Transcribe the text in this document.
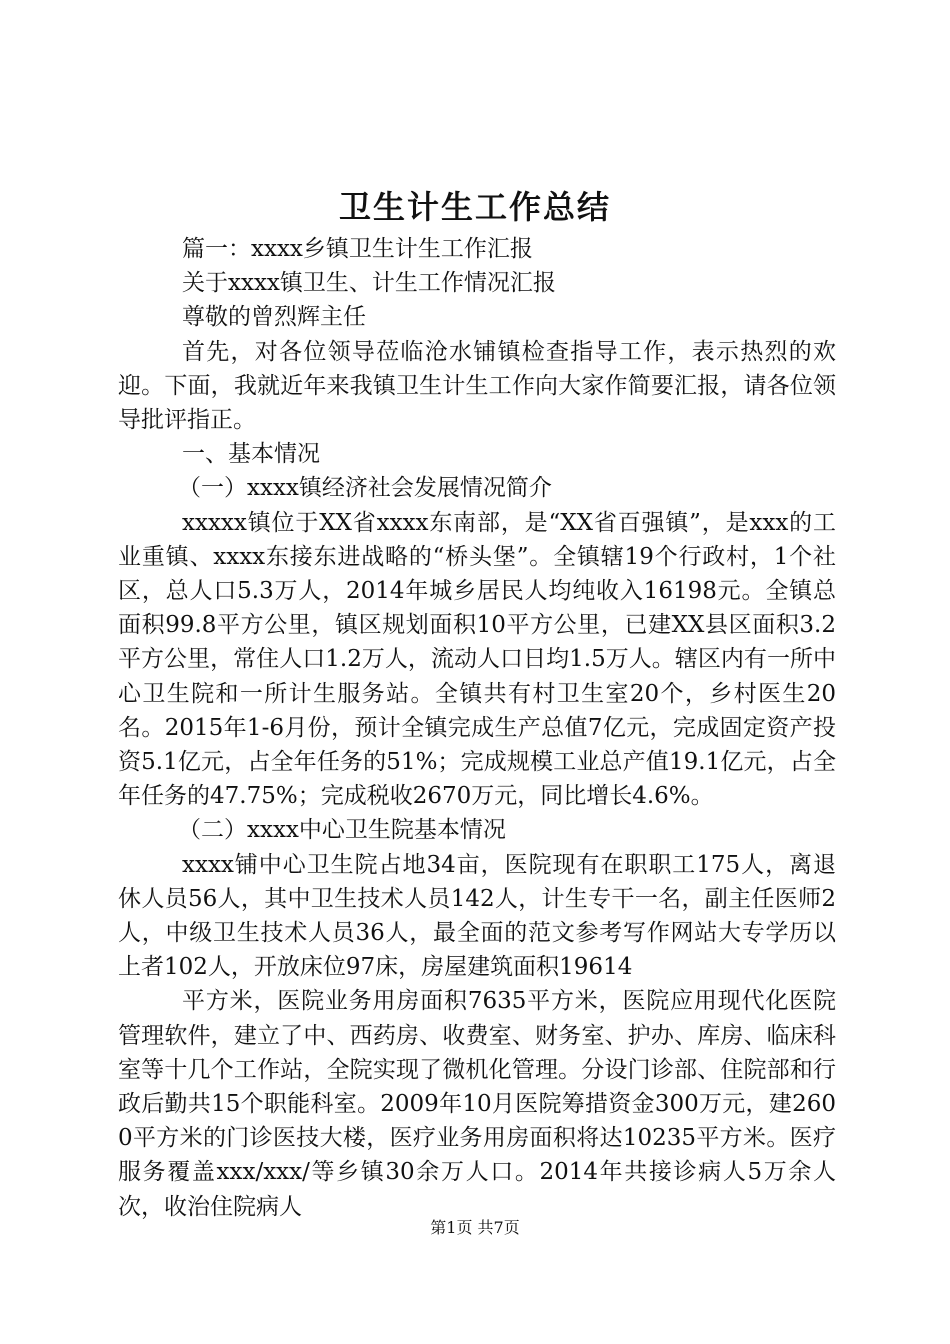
卫生计生工作总结

篇一：xxxx乡镇卫生计生工作汇报

关于xxxx镇卫生、计生工作情况汇报

尊敬的曾烈辉主任

首先，对各位领导莅临沧水铺镇检查指导工作，表示热烈的欢迎。下面，我就近年来我镇卫生计生工作向大家作简要汇报，请各位领导批评指正。

一、基本情况

（一）xxxx镇经济社会发展情况简介

xxxxx镇位于XX省xxxx东南部，是“XX省百强镇”，是xxx的工业重镇、xxxx东接东进战略的“桥头堡”。全镇辖19个行政村，1个社区，总人口5.3万人，2014年城乡居民人均纯收入16198元。全镇总面积99.8平方公里，镇区规划面积10平方公里，已建XX县区面积3.2平方公里，常住人口1.2万人，流动人口日均1.5万人。辖区内有一所中心卫生院和一所计生服务站。全镇共有村卫生室20个，乡村医生20名。2015年1-6月份，预计全镇完成生产总值7亿元，完成固定资产投资5.1亿元，占全年任务的51%；完成规模工业总产值19.1亿元，占全年任务的47.75%；完成税收2670万元，同比增长4.6%。

（二）xxxx中心卫生院基本情况

xxxx铺中心卫生院占地34亩，医院现有在职职工175人，离退休人员56人，其中卫生技术人员142人，计生专干一名，副主任医师2人，中级卫生技术人员36人，最全面的范文参考写作网站大专学历以上者102人，开放床位97床，房屋建筑面积19614

平方米，医院业务用房面积7635平方米，医院应用现代化医院管理软件，建立了中、西药房、收费室、财务室、护办、库房、临床科室等十几个工作站，全院实现了微机化管理。分设门诊部、住院部和行政后勤共15个职能科室。2009年10月医院筹措资金300万元，建2600平方米的门诊医技大楼，医疗业务用房面积将达10235平方米。医疗服务覆盖xxx/xxx/等乡镇30余万人口。2014年共接诊病人5万余人次，收治住院病人

第1页 共7页
